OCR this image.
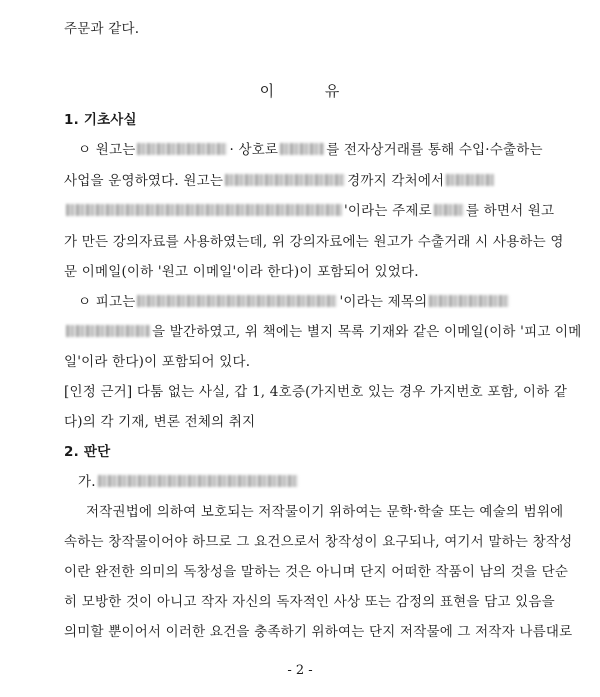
주문과 같다.
이	유
1. 기초사실
ㅇ 원고는	· 상호로	를 전자상거래를 통해 수입·수출하는
사업을 운영하였다. 원고는	경까지 각처에서
'이라는 주제로	를 하면서 원고
가 만든 강의자료를 사용하였는데, 위 강의자료에는 원고가 수출거래 시 사용하는 영
문 이메일(이하 '원고 이메일'이라 한다)이 포함되어 있었다.
ㅇ 피고는	'이라는 제목의
을 발간하였고, 위 책에는 별지 목록 기재와 같은 이메일(이하 '피고 이메
일'이라 한다)이 포함되어 있다.
[인정 근거] 다툼 없는 사실, 갑 1, 4호증(가지번호 있는 경우 가지번호 포함, 이하 같
다)의 각 기재, 변론 전체의 취지
2. 판단
가.
저작권법에 의하여 보호되는 저작물이기 위하여는 문학·학술 또는 예술의 범위에
속하는 창작물이어야 하므로 그 요건으로서 창작성이 요구되나, 여기서 말하는 창작성
이란 완전한 의미의 독창성을 말하는 것은 아니며 단지 어떠한 작품이 남의 것을 단순
히 모방한 것이 아니고 작자 자신의 독자적인 사상 또는 감정의 표현을 담고 있음을
의미할 뿐이어서 이러한 요건을 충족하기 위하여는 단지 저작물에 그 저작자 나름대로
- 2 -
